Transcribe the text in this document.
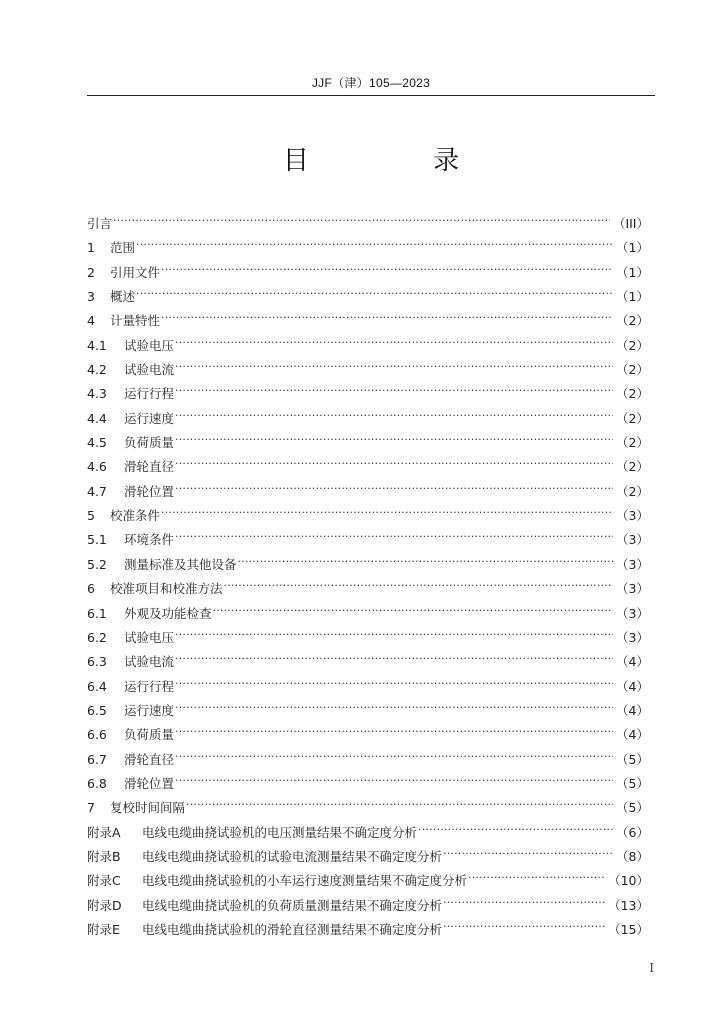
JJF（津）105—2023
目 录
引言 .....	（III）
1	范围 .....	（1）
2	引用文件 .....	（1）
3	概述 .....	（1）
4	计量特性 .....	（2）
4.1	试验电压 .....	（2）
4.2	试验电流 .....	（2）
4.3	运行行程 .....	（2）
4.4	运行速度 .....	（2）
4.5	负荷质量 .....	（2）
4.6	滑轮直径 .....	（2）
4.7	滑轮位置 .....	（2）
5	校准条件 .....	（3）
5.1	环境条件 .....	（3）
5.2	测量标准及其他设备 .....	（3）
6	校准项目和校准方法 .....	（3）
6.1	外观及功能检查 .....	（3）
6.2	试验电压 .....	（3）
6.3	试验电流 .....	（4）
6.4	运行行程 .....	（4）
6.5	运行速度 .....	（4）
6.6	负荷质量 .....	（4）
6.7	滑轮直径 .....	（5）
6.8	滑轮位置 .....	（5）
7	复校时间间隔 .....	（5）
附录A	电线电缆曲挠试验机的电压测量结果不确定度分析 .....	（6）
附录B	电线电缆曲挠试验机的试验电流测量结果不确定度分析 .....	（8）
附录C	电线电缆曲挠试验机的小车运行速度测量结果不确定度分析 .....	（10）
附录D	电线电缆曲挠试验机的负荷质量测量结果不确定度分析 .....	（13）
附录E	电线电缆曲挠试验机的滑轮直径测量结果不确定度分析 .....	（15）
I
